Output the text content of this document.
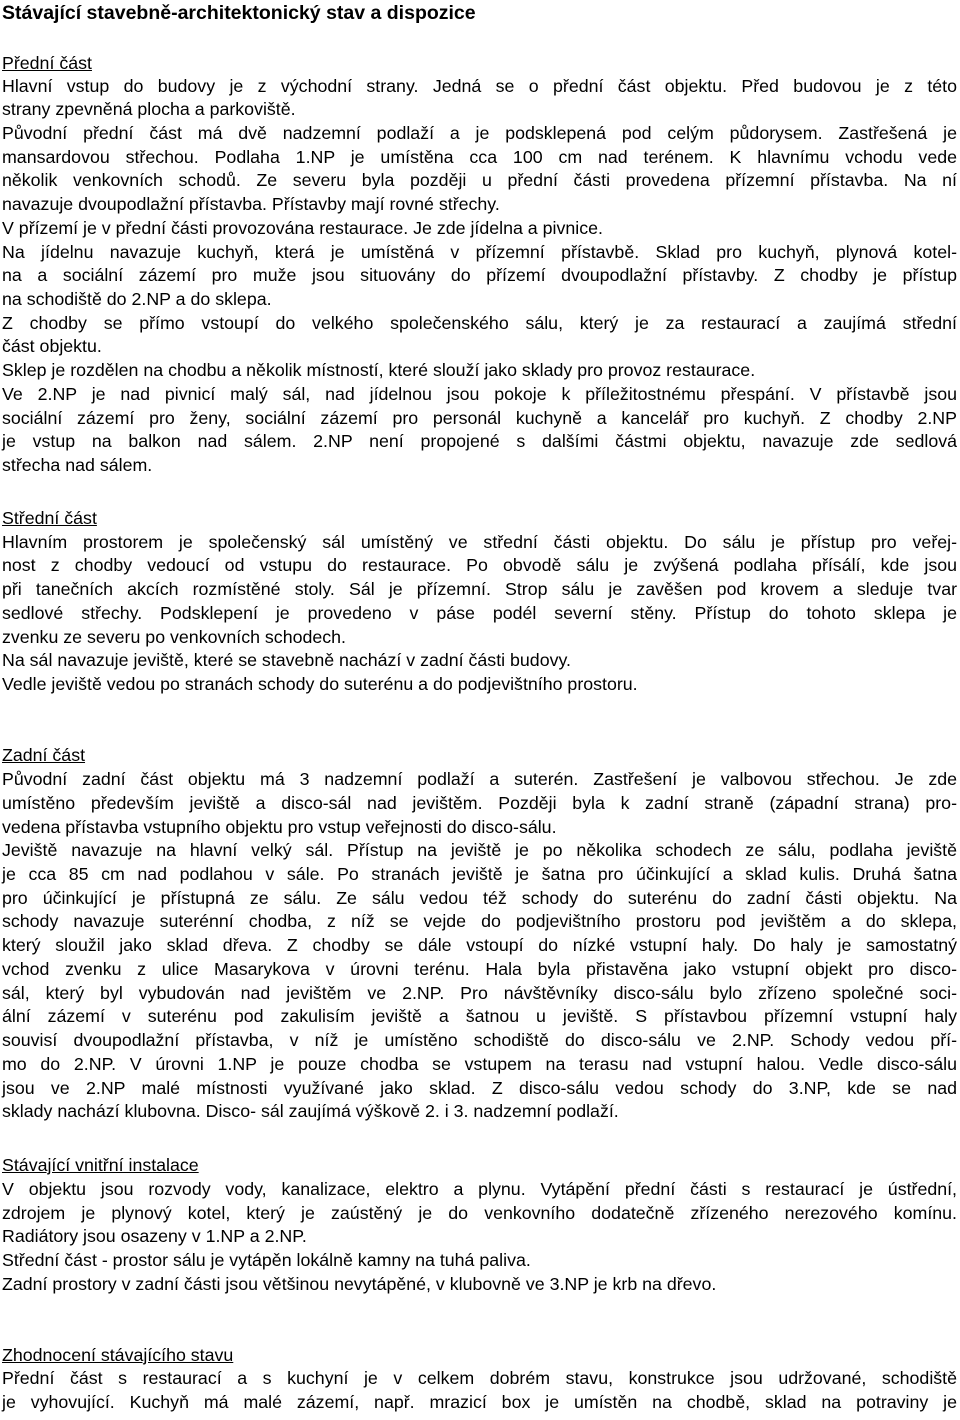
Stávající stavebně-architektonický stav a dispozice
Přední část
Hlavní vstup do budovy je z východní strany. Jedná se o přední část objektu. Před budovou je z této
strany zpevněná plocha a parkoviště.
Původní přední část má dvě nadzemní podlaží a je podsklepená pod celým půdorysem. Zastřešená je
mansardovou střechou. Podlaha 1.NP je umístěna cca 100 cm nad terénem. K hlavnímu vchodu vede
několik venkovních schodů. Ze severu byla později u přední části provedena přízemní přístavba. Na ní
navazuje dvoupodlažní přístavba. Přístavby mají rovné střechy.
V přízemí je v přední části provozována restaurace. Je zde jídelna a pivnice.
Na jídelnu navazuje kuchyň, která je umístěná v přízemní přístavbě. Sklad pro kuchyň, plynová kotel-
na a sociální zázemí pro muže jsou situovány do přízemí dvoupodlažní přístavby. Z chodby je přístup
na schodiště do 2.NP a do sklepa.
Z chodby se přímo vstoupí do velkého společenského sálu, který je za restaurací a zaujímá střední
část objektu.
Sklep je rozdělen na chodbu a několik místností, které slouží jako sklady pro provoz restaurace.
Ve 2.NP je nad pivnicí malý sál, nad jídelnou jsou pokoje k příležitostnému přespání. V přístavbě jsou
sociální zázemí pro ženy, sociální zázemí pro personál kuchyně a kancelář pro kuchyň. Z chodby 2.NP
je vstup na balkon nad sálem. 2.NP není propojené s dalšími částmi objektu, navazuje zde sedlová
střecha nad sálem.
Střední část
Hlavním prostorem je společenský sál umístěný ve střední části objektu. Do sálu je přístup pro veřej-
nost z chodby vedoucí od vstupu do restaurace. Po obvodě sálu je zvýšená podlaha přísálí, kde jsou
při tanečních akcích rozmístěné stoly. Sál je přízemní. Strop sálu je zavěšen pod krovem a sleduje tvar
sedlové střechy. Podsklepení je provedeno v páse podél severní stěny. Přístup do tohoto sklepa je
zvenku ze severu po venkovních schodech.
Na sál navazuje jeviště, které se stavebně nachází v zadní části budovy.
Vedle jeviště vedou po stranách schody do suterénu a do podjevištního prostoru.
Zadní část
Původní zadní část objektu má 3 nadzemní podlaží a suterén. Zastřešení je valbovou střechou. Je zde
umístěno především jeviště a disco-sál nad jevištěm. Později byla k zadní straně (západní strana) pro-
vedena přístavba vstupního objektu pro vstup veřejnosti do disco-sálu.
Jeviště navazuje na hlavní velký sál. Přístup na jeviště je po několika schodech ze sálu, podlaha jeviště
je cca 85 cm nad podlahou v sále. Po stranách jeviště je šatna pro účinkující a sklad kulis. Druhá šatna
pro účinkující je přístupná ze sálu. Ze sálu vedou též schody do suterénu do zadní části objektu. Na
schody navazuje suterénní chodba, z níž se vejde do podjevištního prostoru pod jevištěm a do sklepa,
který sloužil jako sklad dřeva. Z chodby se dále vstoupí do nízké vstupní haly. Do haly je samostatný
vchod zvenku z ulice Masarykova v úrovni terénu. Hala byla přistavěna jako vstupní objekt pro disco-
sál, který byl vybudován nad jevištěm ve 2.NP. Pro návštěvníky disco-sálu bylo zřízeno společné soci-
ální zázemí v suterénu pod zakulisím jeviště a šatnou u jeviště. S přístavbou přízemní vstupní haly
souvisí dvoupodlažní přístavba, v níž je umístěno schodiště do disco-sálu ve 2.NP. Schody vedou pří-
mo do 2.NP. V úrovni 1.NP je pouze chodba se vstupem na terasu nad vstupní halou. Vedle disco-sálu
jsou ve 2.NP malé místnosti využívané jako sklad. Z disco-sálu vedou schody do 3.NP, kde se nad
sklady nachází klubovna. Disco- sál zaujímá výškově 2. i 3. nadzemní podlaží.
Stávající vnitřní instalace
V objektu jsou rozvody vody, kanalizace, elektro a plynu. Vytápění přední části s restaurací je ústřední,
zdrojem je plynový kotel, který je zaústěný je do venkovního dodatečně zřízeného nerezového komínu.
Radiátory jsou osazeny v 1.NP a 2.NP.
Střední část - prostor sálu je vytápěn lokálně kamny na tuhá paliva.
Zadní prostory v zadní části jsou většinou nevytápěné, v klubovně ve 3.NP je krb na dřevo.
Zhodnocení stávajícího stavu
Přední část s restaurací a s kuchyní je v celkem dobrém stavu, konstrukce jsou udržované, schodiště
je vyhovující. Kuchyň má malé zázemí, např. mrazicí box je umístěn na chodbě, sklad na potraviny je
